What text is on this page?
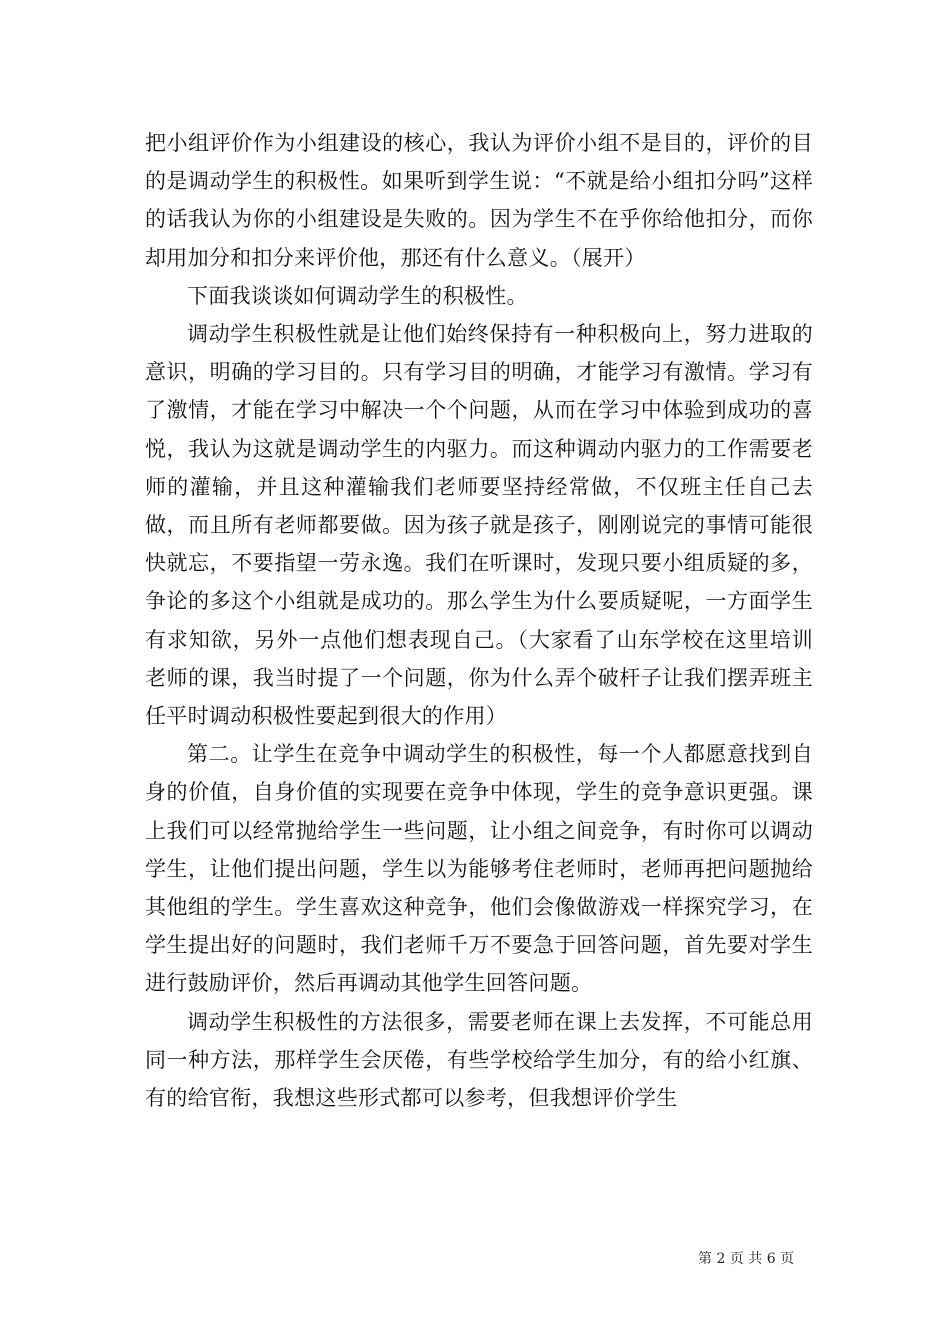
把小组评价作为小组建设的核心，我认为评价小组不是目的，评价的目的是调动学生的积极性。如果听到学生说：“不就是给小组扣分吗”这样的话我认为你的小组建设是失败的。因为学生不在乎你给他扣分，而你却用加分和扣分来评价他，那还有什么意义。（展开）

下面我谈谈如何调动学生的积极性。

调动学生积极性就是让他们始终保持有一种积极向上，努力进取的意识，明确的学习目的。只有学习目的明确，才能学习有激情。学习有了激情，才能在学习中解决一个个问题，从而在学习中体验到成功的喜悦，我认为这就是调动学生的内驱力。而这种调动内驱力的工作需要老师的灌输，并且这种灌输我们老师要坚持经常做，不仅班主任自己去做，而且所有老师都要做。因为孩子就是孩子，刚刚说完的事情可能很快就忘，不要指望一劳永逸。我们在听课时，发现只要小组质疑的多，争论的多这个小组就是成功的。那么学生为什么要质疑呢，一方面学生有求知欲，另外一点他们想表现自己。（大家看了山东学校在这里培训老师的课，我当时提了一个问题，你为什么弄个破杆子让我们摆弄班主任平时调动积极性要起到很大的作用）

第二。让学生在竞争中调动学生的积极性，每一个人都愿意找到自身的价值，自身价值的实现要在竞争中体现，学生的竞争意识更强。课上我们可以经常抛给学生一些问题，让小组之间竞争，有时你可以调动学生，让他们提出问题，学生以为能够考住老师时，老师再把问题抛给其他组的学生。学生喜欢这种竞争，他们会像做游戏一样探究学习，在学生提出好的问题时，我们老师千万不要急于回答问题，首先要对学生进行鼓励评价，然后再调动其他学生回答问题。

调动学生积极性的方法很多，需要老师在课上去发挥，不可能总用同一种方法，那样学生会厌倦，有些学校给学生加分，有的给小红旗、有的给官衔，我想这些形式都可以参考，但我想评价学生

第 2 页 共 6 页
